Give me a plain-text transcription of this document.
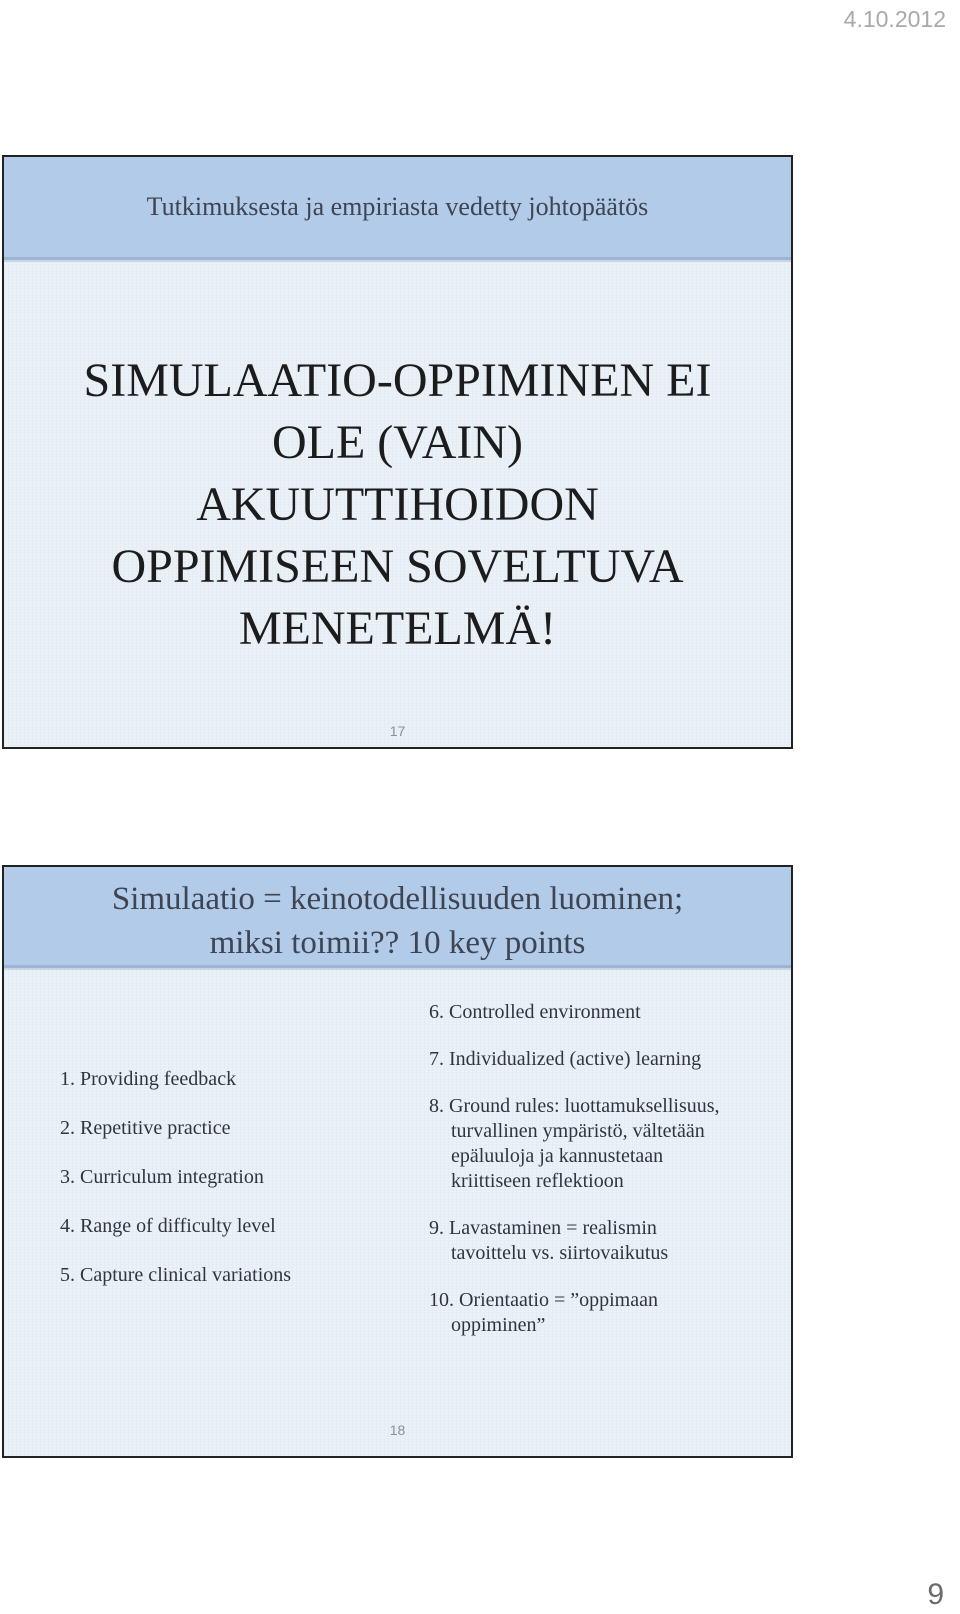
4.10.2012
Tutkimuksesta ja empiriasta vedetty johtopäätös
SIMULAATIO-OPPIMINEN EI
OLE (VAIN)
AKUUTTIHOIDON
OPPIMISEEN SOVELTUVA
MENETELMÄ!
17
Simulaatio = keinotodellisuuden luominen;
miksi toimii?? 10 key points
1. Providing feedback
2. Repetitive practice
3. Curriculum integration
4. Range of difficulty level
5. Capture clinical variations
6. Controlled environment
7. Individualized (active) learning
8. Ground rules: luottamuksellisuus,
turvallinen ympäristö, vältetään
epäluuloja ja kannustetaan
kriittiseen reflektioon
9. Lavastaminen = realismin
tavoittelu vs. siirtovaikutus
10. Orientaatio = ”oppimaan
oppiminen”
18
9
